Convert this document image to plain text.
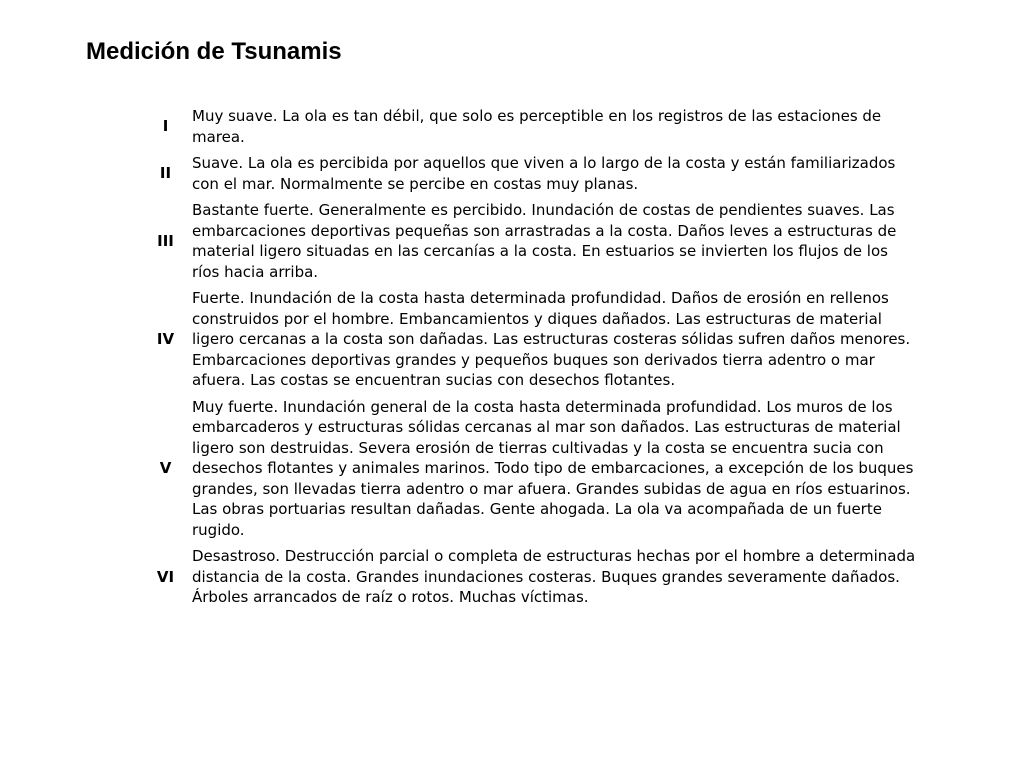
Medición de Tsunamis
I
Muy suave. La ola es tan débil, que solo es perceptible en los registros de las estaciones de marea.
II
Suave. La ola es percibida por aquellos que viven a lo largo de la costa y están familiarizados con el mar. Normalmente se percibe en costas muy planas.
III
Bastante fuerte. Generalmente es percibido. Inundación de costas de pendientes suaves. Las embarcaciones deportivas pequeñas son arrastradas a la costa. Daños leves a estructuras de material ligero situadas en las cercanías a la costa. En estuarios se invierten los flujos de los ríos hacia arriba.
IV
Fuerte. Inundación de la costa hasta determinada profundidad. Daños de erosión en rellenos construidos por el hombre. Embancamientos y diques dañados. Las estructuras de material ligero cercanas a la costa son dañadas. Las estructuras costeras sólidas sufren daños menores. Embarcaciones deportivas grandes y pequeños buques son derivados tierra adentro o mar afuera. Las costas se encuentran sucias con desechos flotantes.
V
Muy fuerte. Inundación general de la costa hasta determinada profundidad. Los muros de los embarcaderos y estructuras sólidas cercanas al mar son dañados. Las estructuras de material ligero son destruidas. Severa erosión de tierras cultivadas y la costa se encuentra sucia con desechos flotantes y animales marinos. Todo tipo de embarcaciones, a excepción de los buques grandes, son llevadas tierra adentro o mar afuera. Grandes subidas de agua en ríos estuarinos. Las obras portuarias resultan dañadas. Gente ahogada. La ola va acompañada de un fuerte rugido.
VI
Desastroso. Destrucción parcial o completa de estructuras hechas por el hombre a determinada distancia de la costa. Grandes inundaciones costeras. Buques grandes severamente dañados. Árboles arrancados de raíz o rotos. Muchas víctimas.
